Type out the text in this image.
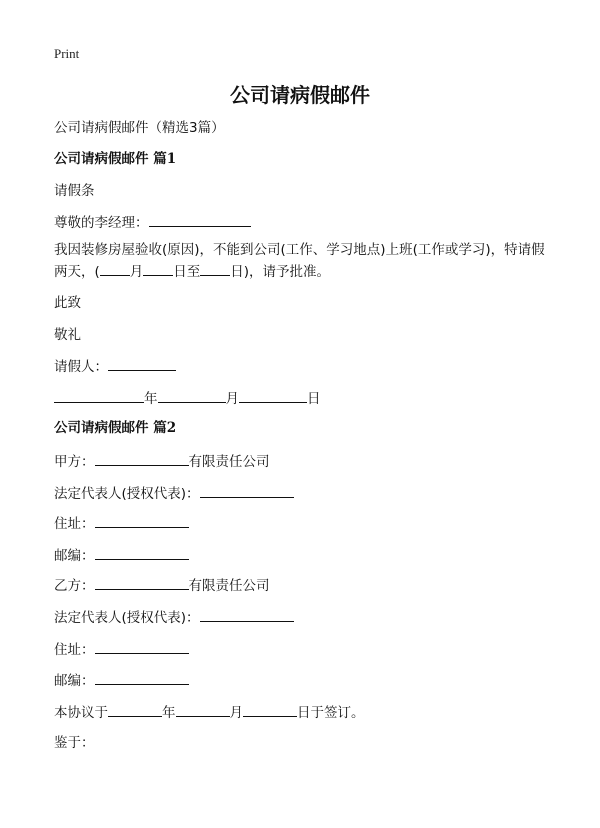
Print
公司请病假邮件
公司请病假邮件（精选3篇）
公司请病假邮件 篇1
请假条
尊敬的李经理：
我因装修房屋验收(原因)，不能到公司(工作、学习地点)上班(工作或学习)，特请假两天，( 月 日至 日)，请予批准。
此致
敬礼
请假人：
年	月	日
公司请病假邮件 篇2
甲方：	有限责任公司
法定代表人(授权代表)：
住址：
邮编：
乙方：	有限责任公司
法定代表人(授权代表)：
住址：
邮编：
本协议于	年	月	日于签订。
鉴于：
